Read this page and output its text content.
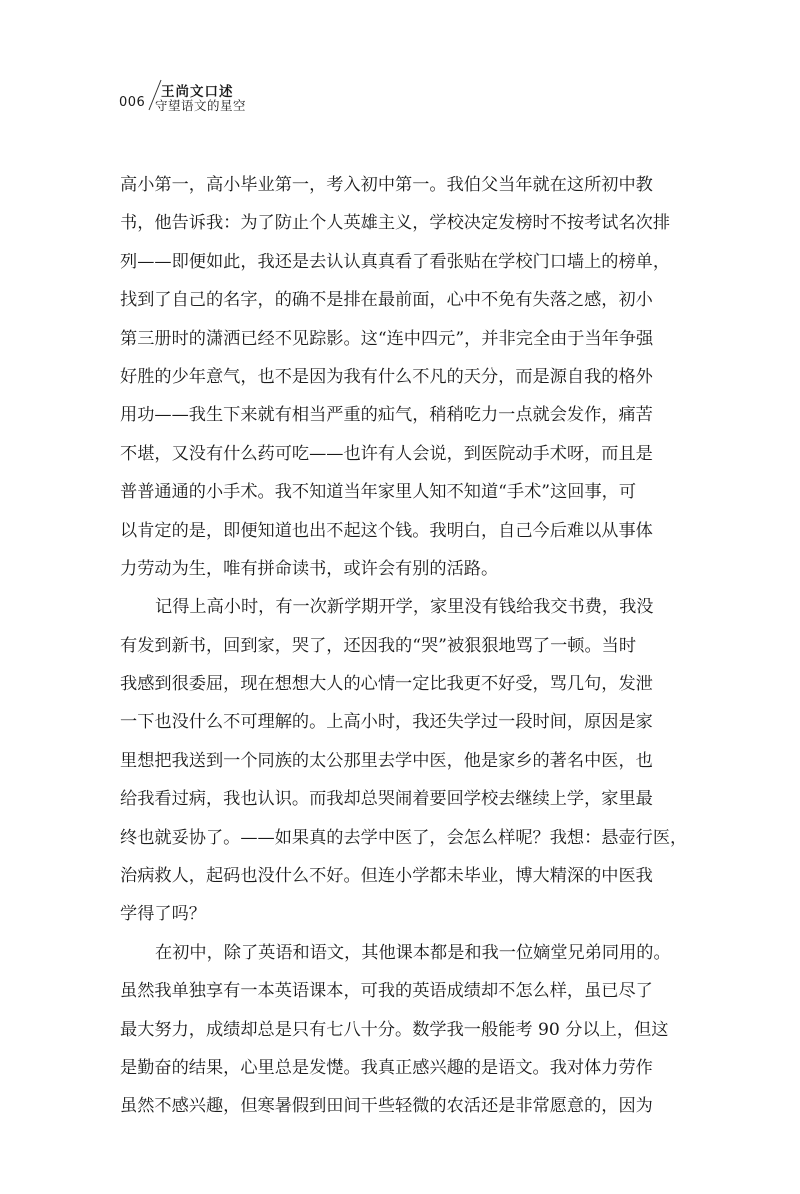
006
王尚文口述
守望语文的星空
高小第一，高小毕业第一，考入初中第一。我伯父当年就在这所初中教
书，他告诉我：为了防止个人英雄主义，学校决定发榜时不按考试名次排
列——即便如此，我还是去认认真真看了看张贴在学校门口墙上的榜单，
找到了自己的名字，的确不是排在最前面，心中不免有失落之感，初小
第三册时的潇洒已经不见踪影。这“连中四元”，并非完全由于当年争强
好胜的少年意气，也不是因为我有什么不凡的天分，而是源自我的格外
用功——我生下来就有相当严重的疝气，稍稍吃力一点就会发作，痛苦
不堪，又没有什么药可吃——也许有人会说，到医院动手术呀，而且是
普普通通的小手术。我不知道当年家里人知不知道“手术”这回事，可
以肯定的是，即便知道也出不起这个钱。我明白，自己今后难以从事体
力劳动为生，唯有拼命读书，或许会有别的活路。
记得上高小时，有一次新学期开学，家里没有钱给我交书费，我没
有发到新书，回到家，哭了，还因我的“哭”被狠狠地骂了一顿。当时
我感到很委屈，现在想想大人的心情一定比我更不好受，骂几句，发泄
一下也没什么不可理解的。上高小时，我还失学过一段时间，原因是家
里想把我送到一个同族的太公那里去学中医，他是家乡的著名中医，也
给我看过病，我也认识。而我却总哭闹着要回学校去继续上学，家里最
终也就妥协了。——如果真的去学中医了，会怎么样呢？我想：悬壶行医，
治病救人，起码也没什么不好。但连小学都未毕业，博大精深的中医我
学得了吗？
在初中，除了英语和语文，其他课本都是和我一位嫡堂兄弟同用的。
虽然我单独享有一本英语课本，可我的英语成绩却不怎么样，虽已尽了
最大努力，成绩却总是只有七八十分。数学我一般能考 90 分以上，但这
是勤奋的结果，心里总是发憷。我真正感兴趣的是语文。我对体力劳作
虽然不感兴趣，但寒暑假到田间干些轻微的农活还是非常愿意的，因为
